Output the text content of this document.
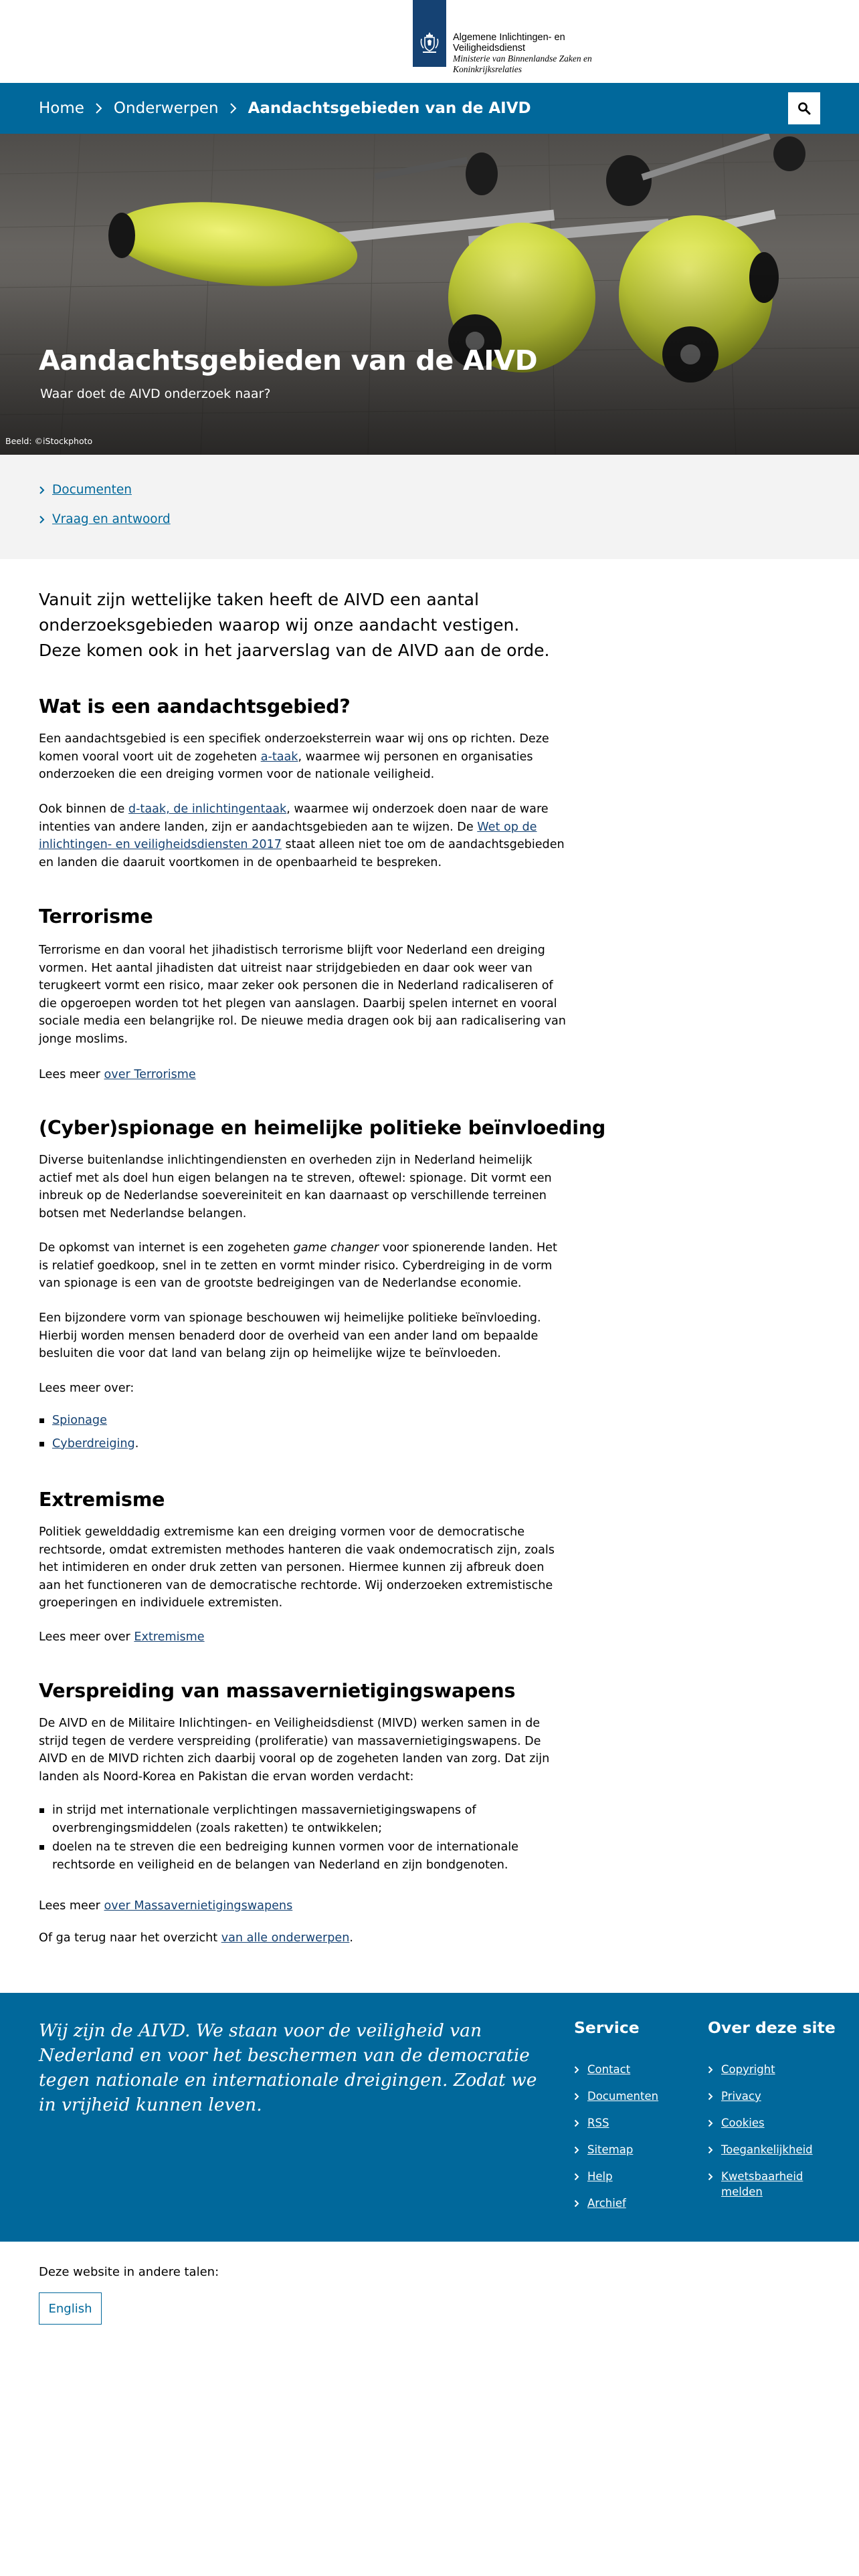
Algemene Inlichtingen- en Veiligheidsdienst
Ministerie van Binnenlandse Zaken en Koninkrijksrelaties
Home Onderwerpen Aandachtsgebieden van de AIVD
Aandachtsgebieden van de AIVD

Waar doet de AIVD onderzoek naar?

Beeld: ©iStockphoto
Documenten
Vraag en antwoord

Vanuit zijn wettelijke taken heeft de AIVD een aantal onderzoeksgebieden waarop wij onze aandacht vestigen. Deze komen ook in het jaarverslag van de AIVD aan de orde.

Wat is een aandachtsgebied?

Een aandachtsgebied is een specifiek onderzoeksterrein waar wij ons op richten. Deze komen vooral voort uit de zogeheten a-taak, waarmee wij personen en organisaties onderzoeken die een dreiging vormen voor de nationale veiligheid.

Ook binnen de d-taak, de inlichtingentaak, waarmee wij onderzoek doen naar de ware intenties van andere landen, zijn er aandachtsgebieden aan te wijzen. De Wet op de inlichtingen- en veiligheidsdiensten 2017 staat alleen niet toe om de aandachtsgebieden en landen die daaruit voortkomen in de openbaarheid te bespreken.

Terrorisme

Terrorisme en dan vooral het jihadistisch terrorisme blijft voor Nederland een dreiging vormen. Het aantal jihadisten dat uitreist naar strijdgebieden en daar ook weer van terugkeert vormt een risico, maar zeker ook personen die in Nederland radicaliseren of die opgeroepen worden tot het plegen van aanslagen. Daarbij spelen internet en vooral sociale media een belangrijke rol. De nieuwe media dragen ook bij aan radicalisering van jonge moslims.

Lees meer over Terrorisme

(Cyber)spionage en heimelijke politieke beïnvloeding

Diverse buitenlandse inlichtingendiensten en overheden zijn in Nederland heimelijk actief met als doel hun eigen belangen na te streven, oftewel: spionage. Dit vormt een inbreuk op de Nederlandse soevereiniteit en kan daarnaast op verschillende terreinen botsen met Nederlandse belangen.

De opkomst van internet is een zogeheten game changer voor spionerende landen. Het is relatief goedkoop, snel in te zetten en vormt minder risico. Cyberdreiging in de vorm van spionage is een van de grootste bedreigingen van de Nederlandse economie.

Een bijzondere vorm van spionage beschouwen wij heimelijke politieke beïnvloeding. Hierbij worden mensen benaderd door de overheid van een ander land om bepaalde besluiten die voor dat land van belang zijn op heimelijke wijze te beïnvloeden.

Lees meer over:

Spionage
Cyberdreiging.
Extremisme

Politiek gewelddadig extremisme kan een dreiging vormen voor de democratische rechtsorde, omdat extremisten methodes hanteren die vaak ondemocratisch zijn, zoals het intimideren en onder druk zetten van personen. Hiermee kunnen zij afbreuk doen aan het functioneren van de democratische rechtorde. Wij onderzoeken extremistische groeperingen en individuele extremisten.

Lees meer over Extremisme

Verspreiding van massavernietigingswapens

De AIVD en de Militaire Inlichtingen- en Veiligheidsdienst (MIVD) werken samen in de strijd tegen de verdere verspreiding (proliferatie) van massavernietigingswapens. De AIVD en de MIVD richten zich daarbij vooral op de zogeheten landen van zorg. Dat zijn landen als Noord-Korea en Pakistan die ervan worden verdacht:

in strijd met internationale verplichtingen massavernietigingswapens of overbrengingsmiddelen (zoals raketten) te ontwikkelen;
doelen na te streven die een bedreiging kunnen vormen voor de internationale rechtsorde en veiligheid en de belangen van Nederland en zijn bondgenoten.

Lees meer over Massavernietigingswapens

Of ga terug naar het overzicht van alle onderwerpen.

Wij zijn de AIVD. We staan voor de veiligheid van Nederland en voor het beschermen van de democratie tegen nationale en internationale dreigingen. Zodat we in vrijheid kunnen leven.

Service
Contact
Documenten
RSS
Sitemap
Help
Archief
Over deze site
Copyright
Privacy
Cookies
Toegankelijkheid
Kwetsbaarheid melden

Deze website in andere talen:

English
